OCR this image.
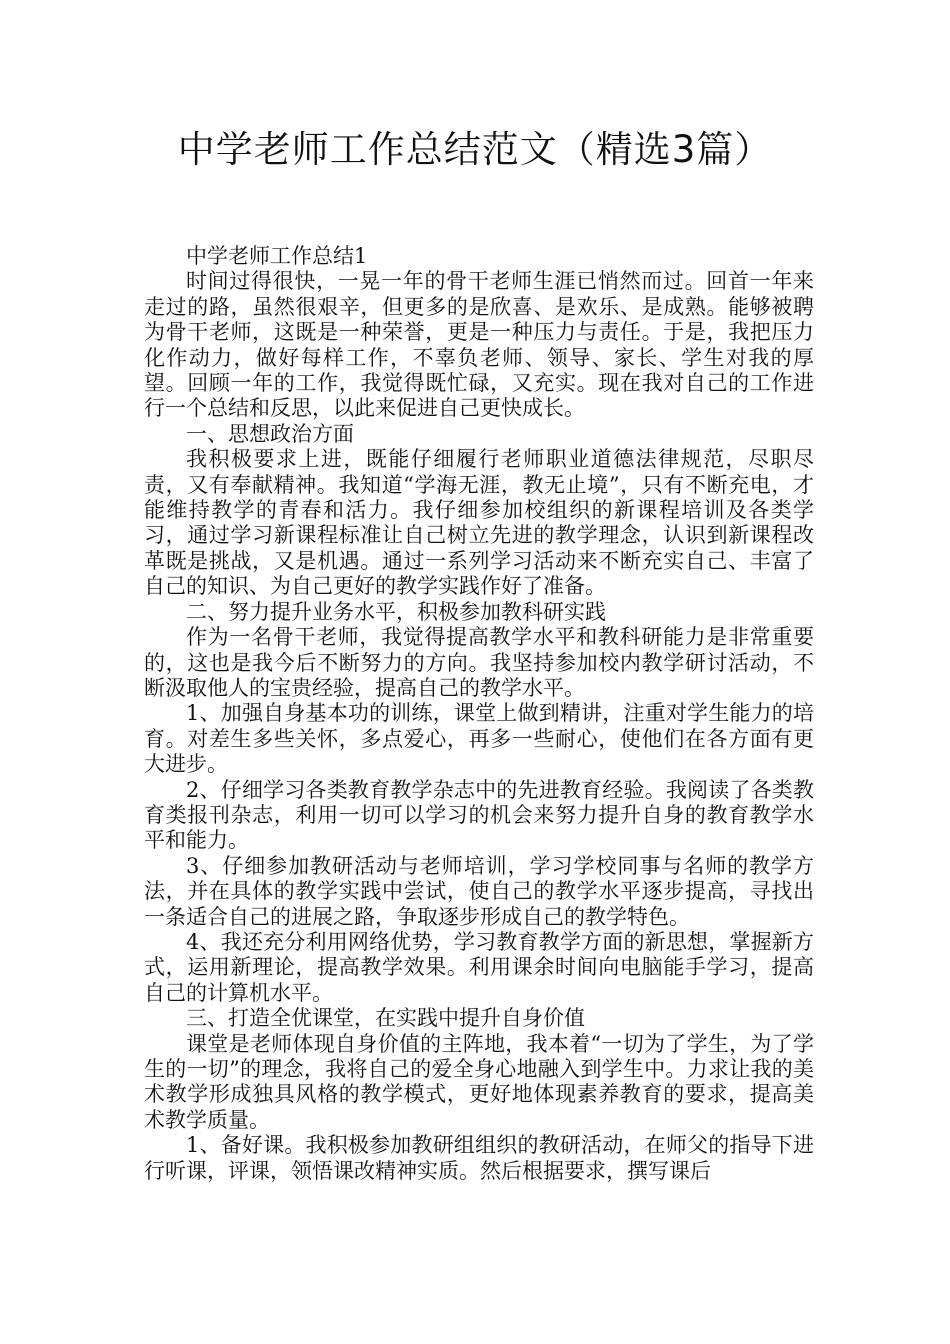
中学老师工作总结范文（精选3篇）

中学老师工作总结1

时间过得很快，一晃一年的骨干老师生涯已悄然而过。回首一年来走过的路，虽然很艰辛，但更多的是欣喜、是欢乐、是成熟。能够被聘为骨干老师，这既是一种荣誉，更是一种压力与责任。于是，我把压力化作动力，做好每样工作，不辜负老师、领导、家长、学生对我的厚望。回顾一年的工作，我觉得既忙碌，又充实。现在我对自己的工作进行一个总结和反思，以此来促进自己更快成长。

一、思想政治方面

我积极要求上进，既能仔细履行老师职业道德法律规范，尽职尽责，又有奉献精神。我知道“学海无涯，教无止境”，只有不断充电，才能维持教学的青春和活力。我仔细参加校组织的新课程培训及各类学习，通过学习新课程标准让自己树立先进的教学理念，认识到新课程改革既是挑战，又是机遇。通过一系列学习活动来不断充实自己、丰富了自己的知识、为自己更好的教学实践作好了准备。

二、努力提升业务水平，积极参加教科研实践

作为一名骨干老师，我觉得提高教学水平和教科研能力是非常重要的，这也是我今后不断努力的方向。我坚持参加校内教学研讨活动，不断汲取他人的宝贵经验，提高自己的教学水平。

1、加强自身基本功的训练，课堂上做到精讲，注重对学生能力的培育。对差生多些关怀，多点爱心，再多一些耐心，使他们在各方面有更大进步。

2、仔细学习各类教育教学杂志中的先进教育经验。我阅读了各类教育类报刊杂志，利用一切可以学习的机会来努力提升自身的教育教学水平和能力。

3、仔细参加教研活动与老师培训，学习学校同事与名师的教学方法，并在具体的教学实践中尝试，使自己的教学水平逐步提高，寻找出一条适合自己的进展之路，争取逐步形成自己的教学特色。

4、我还充分利用网络优势，学习教育教学方面的新思想，掌握新方式，运用新理论，提高教学效果。利用课余时间向电脑能手学习，提高自己的计算机水平。

三、打造全优课堂，在实践中提升自身价值

课堂是老师体现自身价值的主阵地，我本着“一切为了学生，为了学生的一切”的理念，我将自己的爱全身心地融入到学生中。力求让我的美术教学形成独具风格的教学模式，更好地体现素养教育的要求，提高美术教学质量。

1、备好课。我积极参加教研组组织的教研活动，在师父的指导下进行听课，评课，领悟课改精神实质。然后根据要求，撰写课后
